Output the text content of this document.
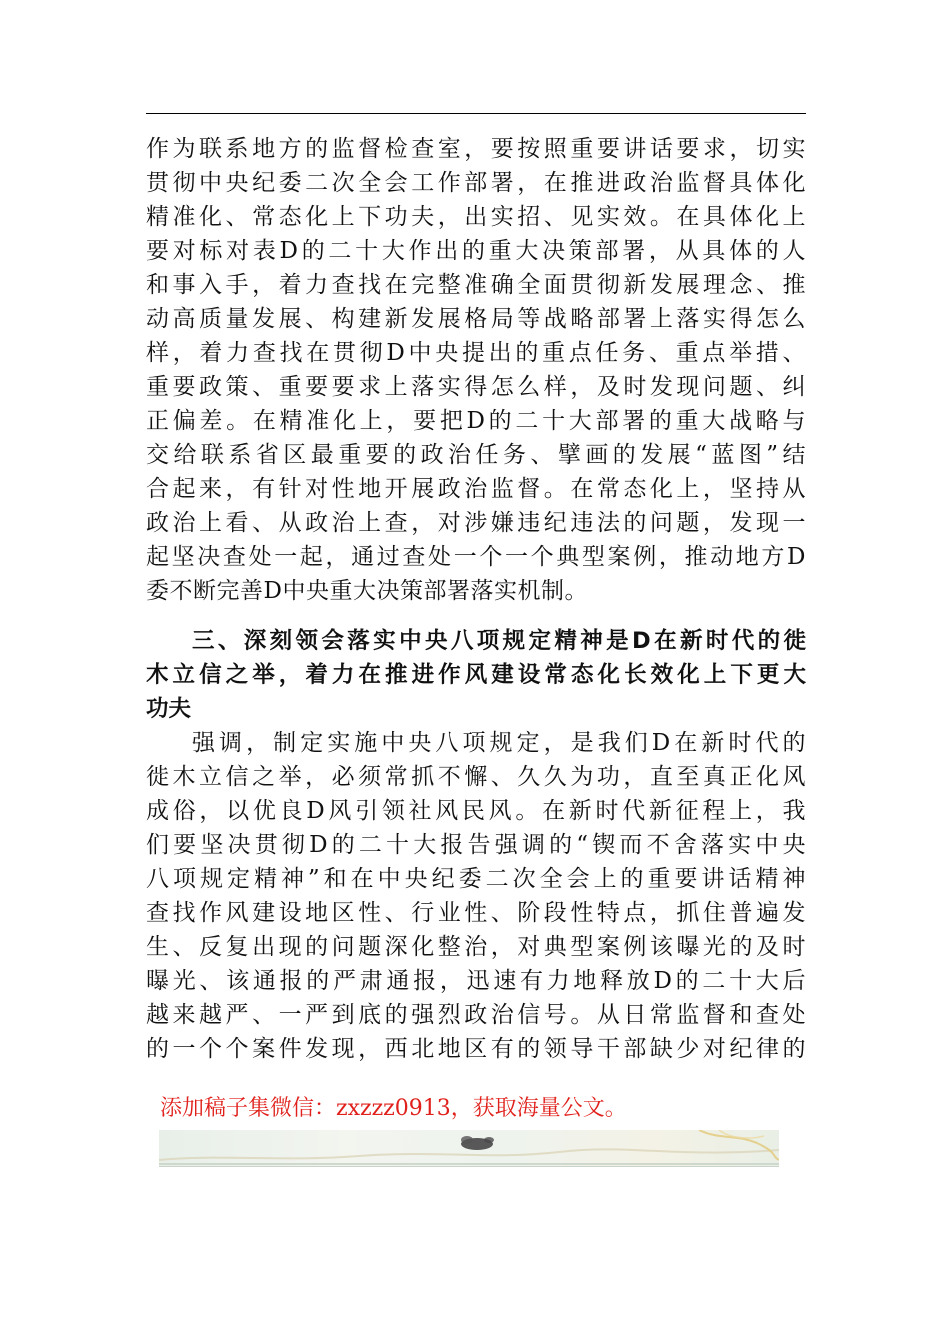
作为联系地方的监督检查室，要按照重要讲话要求，切实
贯彻中央纪委二次全会工作部署，在推进政治监督具体化
精准化、常态化上下功夫，出实招、见实效。在具体化上
要对标对表D的二十大作出的重大决策部署，从具体的人
和事入手，着力查找在完整准确全面贯彻新发展理念、推
动高质量发展、构建新发展格局等战略部署上落实得怎么
样，着力查找在贯彻D中央提出的重点任务、重点举措、
重要政策、重要要求上落实得怎么样，及时发现问题、纠
正偏差。在精准化上，要把D的二十大部署的重大战略与
交给联系省区最重要的政治任务、擘画的发展“蓝图”结
合起来，有针对性地开展政治监督。在常态化上，坚持从
政治上看、从政治上查，对涉嫌违纪违法的问题，发现一
起坚决查处一起，通过查处一个一个典型案例，推动地方D
委不断完善D中央重大决策部署落实机制。
三、深刻领会落实中央八项规定精神是D在新时代的徙
木立信之举，着力在推进作风建设常态化长效化上下更大
功夫
强调，制定实施中央八项规定，是我们D在新时代的
徙木立信之举，必须常抓不懈、久久为功，直至真正化风
成俗，以优良D风引领社风民风。在新时代新征程上，我
们要坚决贯彻D的二十大报告强调的“锲而不舍落实中央
八项规定精神”和在中央纪委二次全会上的重要讲话精神
查找作风建设地区性、行业性、阶段性特点，抓住普遍发
生、反复出现的问题深化整治，对典型案例该曝光的及时
曝光、该通报的严肃通报，迅速有力地释放D的二十大后
越来越严、一严到底的强烈政治信号。从日常监督和查处
的一个个案件发现，西北地区有的领导干部缺少对纪律的
添加稿子集微信：zxzzz0913，获取海量公文。
